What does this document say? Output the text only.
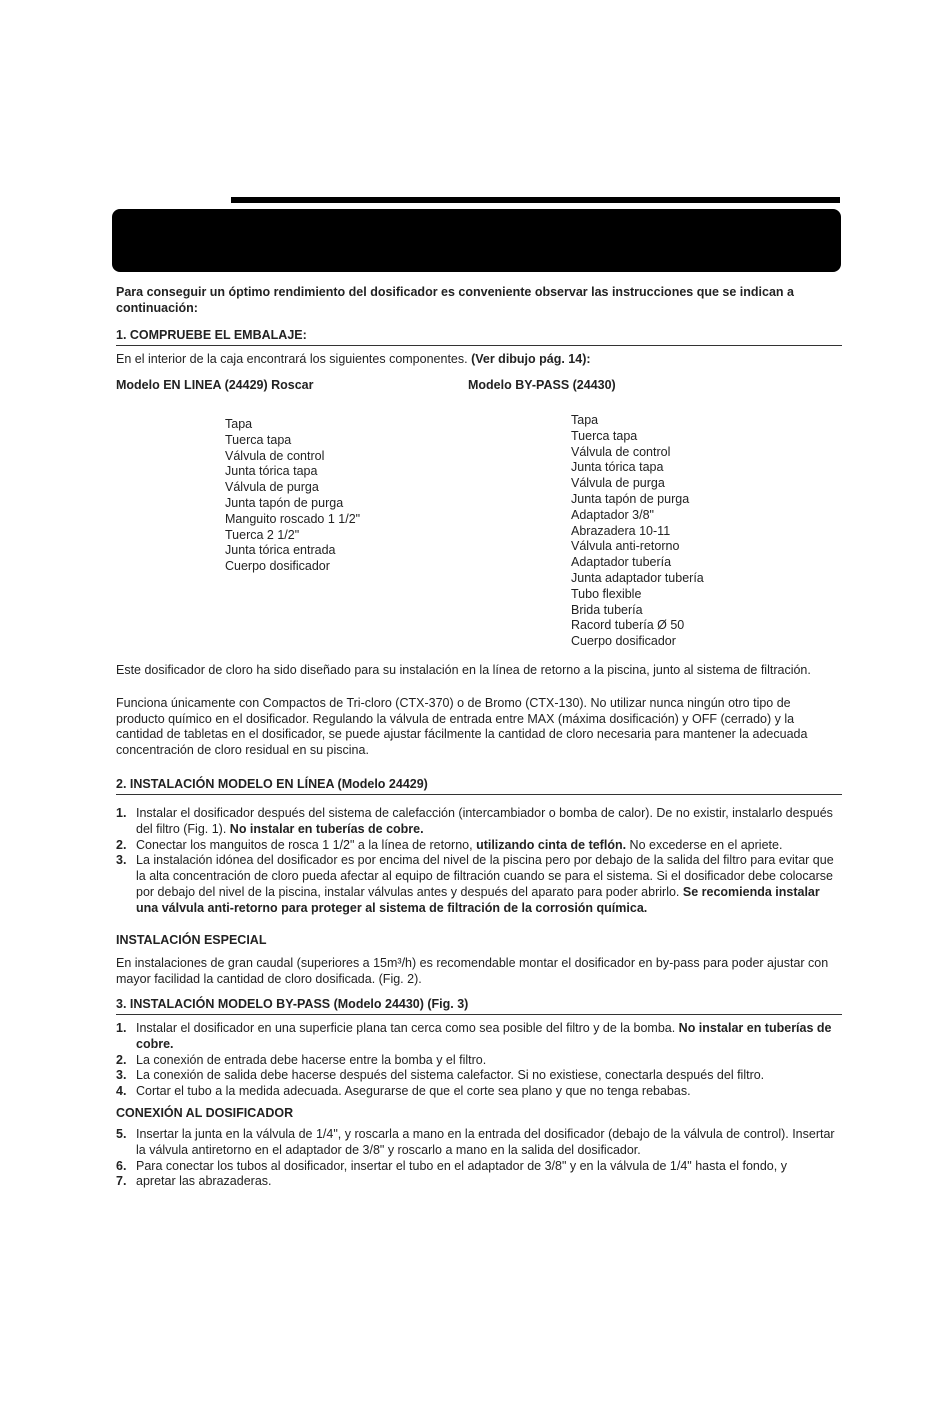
Para conseguir un óptimo rendimiento del dosificador es conveniente observar las instrucciones que se indican a continuación:

1. COMPRUEBE EL EMBALAJE:

En el interior de la caja encontrará los siguientes componentes. (Ver dibujo pág. 14):

Modelo EN LINEA (24429) Roscar	Modelo BY-PASS (24430)
Tapa
Tuerca tapa
Válvula de control
Junta tórica tapa
Válvula de purga
Junta tapón de purga
Manguito roscado 1 1/2"
Tuerca 2 1/2"
Junta tórica entrada
Cuerpo dosificador
Tapa
Tuerca tapa
Válvula de control
Junta tórica tapa
Válvula de purga
Junta tapón de purga
Adaptador 3/8"
Abrazadera 10-11
Válvula anti-retorno
Adaptador tubería
Junta adaptador tubería
Tubo flexible
Brida tubería
Racord tubería Ø 50
Cuerpo dosificador

Este dosificador de cloro ha sido diseñado para su instalación en la línea de retorno a la piscina, junto al sistema de filtración.

Funciona únicamente con Compactos de Tri-cloro (CTX-370) o de Bromo (CTX-130). No utilizar nunca ningún otro tipo de producto químico en el dosificador. Regulando la válvula de entrada entre MAX (máxima dosificación) y OFF (cerrado) y la cantidad de tabletas en el dosificador, se puede ajustar fácilmente la cantidad de cloro necesaria para mantener la adecuada concentración de cloro residual en su piscina.

2. INSTALACIÓN MODELO EN LÍNEA (Modelo 24429)
1. Instalar el dosificador después del sistema de calefacción (intercambiador o bomba de calor). De no existir, instalarlo después del filtro (Fig. 1). No instalar en tuberías de cobre.
2. Conectar los manguitos de rosca 1 1/2" a la línea de retorno, utilizando cinta de teflón. No excederse en el apriete.
3. La instalación idónea del dosificador es por encima del nivel de la piscina pero por debajo de la salida del filtro para evitar que la alta concentración de cloro pueda afectar al equipo de filtración cuando se para el sistema. Si el dosificador debe colocarse por debajo del nivel de la piscina, instalar válvulas antes y después del aparato para poder abrirlo. Se recomienda instalar una válvula anti-retorno para proteger al sistema de filtración de la corrosión química.
INSTALACIÓN ESPECIAL

En instalaciones de gran caudal (superiores a 15m³/h) es recomendable montar el dosificador en by-pass para poder ajustar con mayor facilidad la cantidad de cloro dosificada. (Fig. 2).

3. INSTALACIÓN MODELO BY-PASS (Modelo 24430) (Fig. 3)
1. Instalar el dosificador en una superficie plana tan cerca como sea posible del filtro y de la bomba. No instalar en tuberías de cobre.
2. La conexión de entrada debe hacerse entre la bomba y el filtro.
3. La conexión de salida debe hacerse después del sistema calefactor. Si no existiese, conectarla después del filtro.
4. Cortar el tubo a la medida adecuada. Asegurarse de que el corte sea plano y que no tenga rebabas.
CONEXIÓN AL DOSIFICADOR
5. Insertar la junta en la válvula de 1/4", y roscarla a mano en la entrada del dosificador (debajo de la válvula de control). Insertar la válvula antiretorno en el adaptador de 3/8" y roscarlo a mano en la salida del dosificador.
6. Para conectar los tubos al dosificador, insertar el tubo en el adaptador de 3/8" y en la válvula de 1/4" hasta el fondo, y
7. apretar las abrazaderas.
